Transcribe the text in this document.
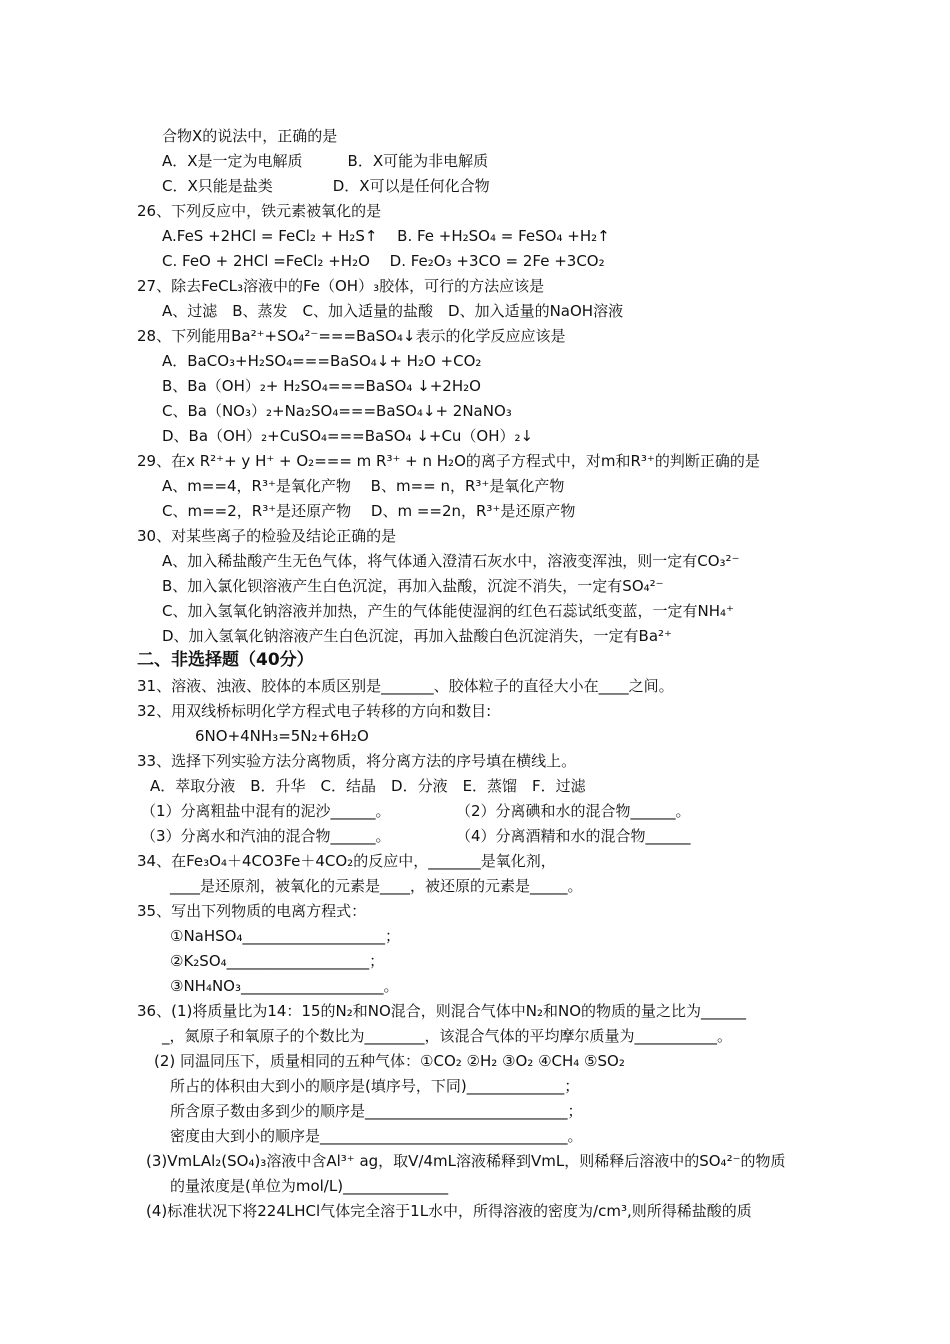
合物X的说法中，正确的是
A．X是一定为电解质　　　B．X可能为非电解质
C．X只能是盐类　　　　D．X可以是任何化合物
26、下列反应中，铁元素被氧化的是
A.FeS +2HCl = FeCl₂ + H₂S↑　 B. Fe +H₂SO₄ = FeSO₄ +H₂↑
C. FeO + 2HCl =FeCl₂ +H₂O　 D. Fe₂O₃ +3CO = 2Fe +3CO₂
27、除去FeCL₃溶液中的Fe（OH）₃胶体，可行的方法应该是
A、过滤　B、蒸发　C、加入适量的盐酸　D、加入适量的NaOH溶液
28、下列能用Ba²⁺+SO₄²⁻===BaSO₄↓表示的化学反应应该是
A．BaCO₃+H₂SO₄===BaSO₄↓+ H₂O +CO₂
B、Ba（OH）₂+ H₂SO₄===BaSO₄ ↓+2H₂O
C、Ba（NO₃）₂+Na₂SO₄===BaSO₄↓+ 2NaNO₃
D、Ba（OH）₂+CuSO₄===BaSO₄ ↓+Cu（OH）₂↓
29、在x R²⁺+ y H⁺ + O₂=== m R³⁺ + n H₂O的离子方程式中，对m和R³⁺的判断正确的是
A、m==4，R³⁺是氧化产物　 B、m== n，R³⁺是氧化产物
C、m==2，R³⁺是还原产物　 D、m ==2n，R³⁺是还原产物
30、对某些离子的检验及结论正确的是
A、加入稀盐酸产生无色气体，将气体通入澄清石灰水中，溶液变浑浊，则一定有CO₃²⁻
B、加入氯化钡溶液产生白色沉淀，再加入盐酸，沉淀不消失，一定有SO₄²⁻
C、加入氢氧化钠溶液并加热，产生的气体能使湿润的红色石蕊试纸变蓝，一定有NH₄⁺
D、加入氢氧化钠溶液产生白色沉淀，再加入盐酸白色沉淀消失，一定有Ba²⁺
二、非选择题（40分）
31、溶液、浊液、胶体的本质区别是_______、胶体粒子的直径大小在____之间。
32、用双线桥标明化学方程式电子转移的方向和数目:
6NO+4NH₃=5N₂+6H₂O
33、选择下列实验方法分离物质，将分离方法的序号填在横线上。
A．萃取分液　B．升华　C．结晶　D．分液　E．蒸馏　F．过滤
（1）分离粗盐中混有的泥沙______。	（2）分离碘和水的混合物______。
（3）分离水和汽油的混合物______。	（4）分离酒精和水的混合物______
34、在Fe₃O₄＋4CO3Fe＋4CO₂的反应中，_______是氧化剂，
____是还原剂，被氧化的元素是____，被还原的元素是_____。
35、写出下列物质的电离方程式：
①NaHSO₄___________________；
②K₂SO₄___________________；
③NH₄NO₃___________________。
36、(1)将质量比为14：15的N₂和NO混合，则混合气体中N₂和NO的物质的量之比为______
_，氮原子和氧原子的个数比为________，该混合气体的平均摩尔质量为___________。
(2) 同温同压下，质量相同的五种气体：①CO₂ ②H₂ ③O₂ ④CH₄ ⑤SO₂
所占的体积由大到小的顺序是(填序号，下同)_____________；
所含原子数由多到少的顺序是___________________________；
密度由大到小的顺序是_________________________________。
(3)VmLAl₂(SO₄)₃溶液中含Al³⁺ ag，取V/4mL溶液稀释到VmL，则稀释后溶液中的SO₄²⁻的物质
的量浓度是(单位为mol/L)______________
(4)标准状况下将224LHCl气体完全溶于1L水中，所得溶液的密度为/cm³,则所得稀盐酸的质
